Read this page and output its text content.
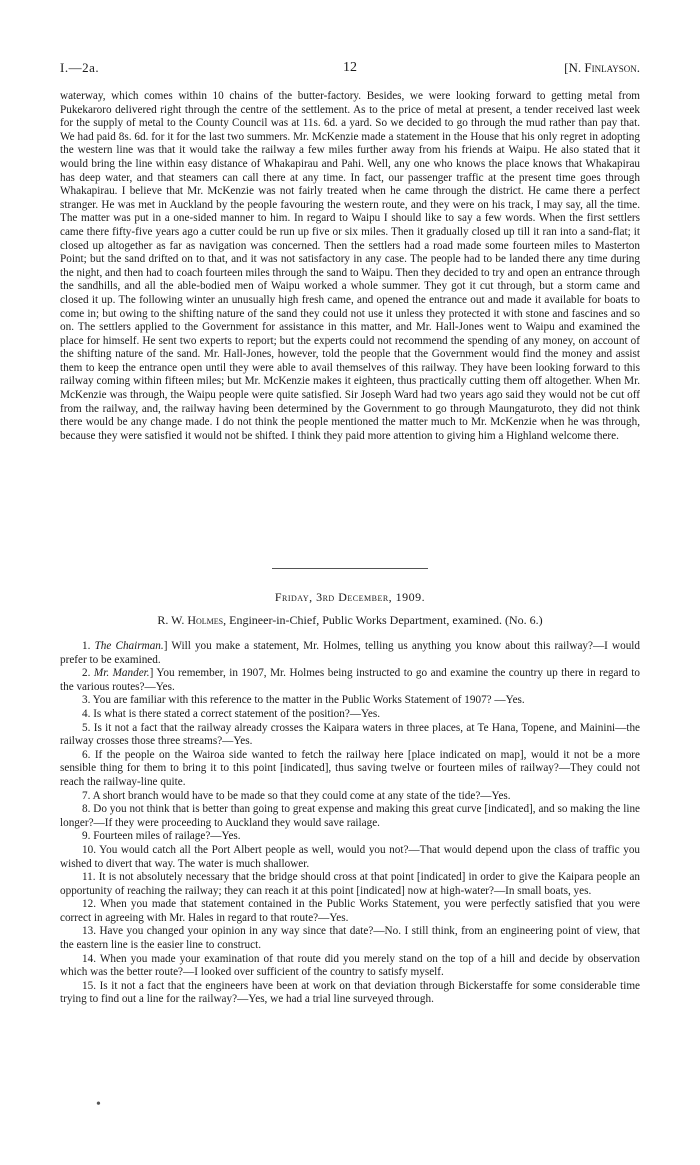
I.—2a.	12	[N. Finlayson.

waterway, which comes within 10 chains of the butter-factory. Besides, we were looking forward to getting metal from Pukekaroro delivered right through the centre of the settlement. As to the price of metal at present, a tender received last week for the supply of metal to the County Council was at 11s. 6d. a yard. So we decided to go through the mud rather than pay that. We had paid 8s. 6d. for it for the last two summers. Mr. McKenzie made a statement in the House that his only regret in adopting the western line was that it would take the railway a few miles further away from his friends at Waipu. He also stated that it would bring the line within easy distance of Whakapirau and Pahi. Well, any one who knows the place knows that Whakapirau has deep water, and that steamers can call there at any time. In fact, our passenger traffic at the present time goes through Whakapirau. I believe that Mr. McKenzie was not fairly treated when he came through the district. He came there a perfect stranger. He was met in Auckland by the people favouring the western route, and they were on his track, I may say, all the time. The matter was put in a one-sided manner to him. In regard to Waipu I should like to say a few words. When the first settlers came there fifty-five years ago a cutter could be run up five or six miles. Then it gradually closed up till it ran into a sand-flat; it closed up altogether as far as navigation was concerned. Then the settlers had a road made some fourteen miles to Masterton Point; but the sand drifted on to that, and it was not satisfactory in any case. The people had to be landed there any time during the night, and then had to coach fourteen miles through the sand to Waipu. Then they decided to try and open an entrance through the sandhills, and all the able-bodied men of Waipu worked a whole summer. They got it cut through, but a storm came and closed it up. The following winter an unusually high fresh came, and opened the entrance out and made it available for boats to come in; but owing to the shifting nature of the sand they could not use it unless they protected it with stone and fascines and so on. The settlers applied to the Government for assistance in this matter, and Mr. Hall-Jones went to Waipu and examined the place for himself. He sent two experts to report; but the experts could not recommend the spending of any money, on account of the shifting nature of the sand. Mr. Hall-Jones, however, told the people that the Government would find the money and assist them to keep the entrance open until they were able to avail themselves of this railway. They have been looking forward to this railway coming within fifteen miles; but Mr. McKenzie makes it eighteen, thus practically cutting them off altogether. When Mr. McKenzie was through, the Waipu people were quite satisfied. Sir Joseph Ward had two years ago said they would not be cut off from the railway, and, the railway having been determined by the Government to go through Maungaturoto, they did not think there would be any change made. I do not think the people mentioned the matter much to Mr. McKenzie when he was through, because they were satisfied it would not be shifted. I think they paid more attention to giving him a Highland welcome there.

Friday, 3rd December, 1909.
R. W. Holmes, Engineer-in-Chief, Public Works Department, examined. (No. 6.)

1. The Chairman.] Will you make a statement, Mr. Holmes, telling us anything you know about this railway?—I would prefer to be examined.

2. Mr. Mander.] You remember, in 1907, Mr. Holmes being instructed to go and examine the country up there in regard to the various routes?—Yes.

3. You are familiar with this reference to the matter in the Public Works Statement of 1907? —Yes.

4. Is what is there stated a correct statement of the position?—Yes.

5. Is it not a fact that the railway already crosses the Kaipara waters in three places, at Te Hana, Topene, and Mainini—the railway crosses those three streams?—Yes.

6. If the people on the Wairoa side wanted to fetch the railway here [place indicated on map], would it not be a more sensible thing for them to bring it to this point [indicated], thus saving twelve or fourteen miles of railway?—They could not reach the railway-line quite.

7. A short branch would have to be made so that they could come at any state of the tide?—Yes.

8. Do you not think that is better than going to great expense and making this great curve [indicated], and so making the line longer?—If they were proceeding to Auckland they would save railage.

9. Fourteen miles of railage?—Yes.

10. You would catch all the Port Albert people as well, would you not?—That would depend upon the class of traffic you wished to divert that way. The water is much shallower.

11. It is not absolutely necessary that the bridge should cross at that point [indicated] in order to give the Kaipara people an opportunity of reaching the railway; they can reach it at this point [indicated] now at high-water?—In small boats, yes.

12. When you made that statement contained in the Public Works Statement, you were perfectly satisfied that you were correct in agreeing with Mr. Hales in regard to that route?—Yes.

13. Have you changed your opinion in any way since that date?—No. I still think, from an engineering point of view, that the eastern line is the easier line to construct.

14. When you made your examination of that route did you merely stand on the top of a hill and decide by observation which was the better route?—I looked over sufficient of the country to satisfy myself.

15. Is it not a fact that the engineers have been at work on that deviation through Bickerstaffe for some considerable time trying to find out a line for the railway?—Yes, we had a trial line surveyed through.

•
